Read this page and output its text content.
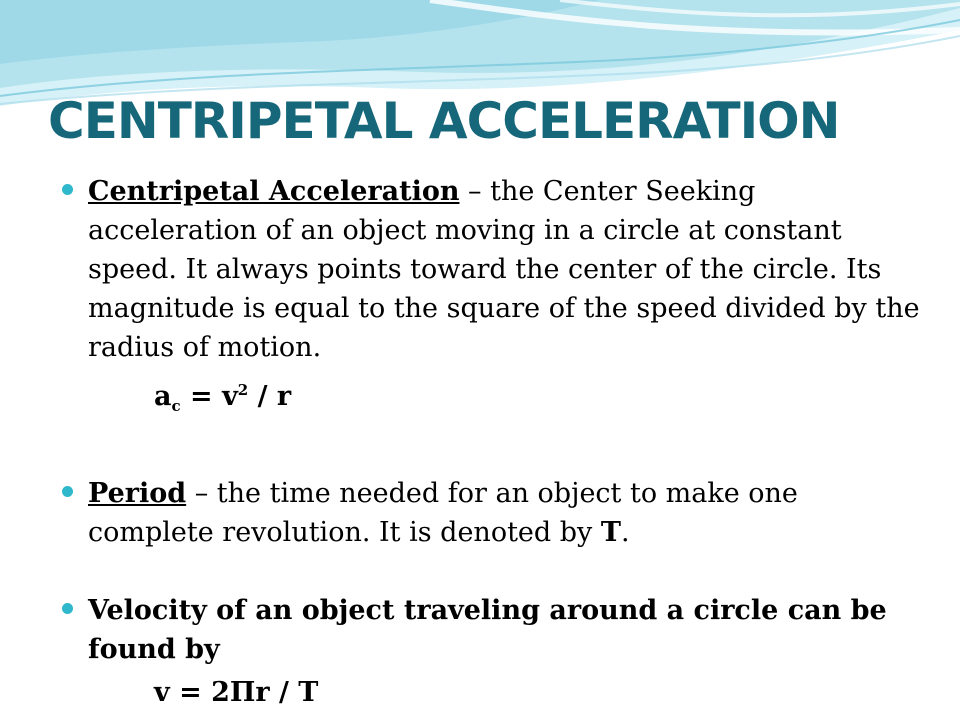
CENTRIPETAL ACCELERATION

Centripetal Acceleration – the Center Seeking acceleration of an object moving in a circle at constant speed. It always points toward the center of the circle. Its magnitude is equal to the square of the speed divided by the radius of motion.

$a_c = v^2 / r$

Period – the time needed for an object to make one complete revolution. It is denoted by T.

Velocity of an object traveling around a circle can be found by

v = 2Πr / T
